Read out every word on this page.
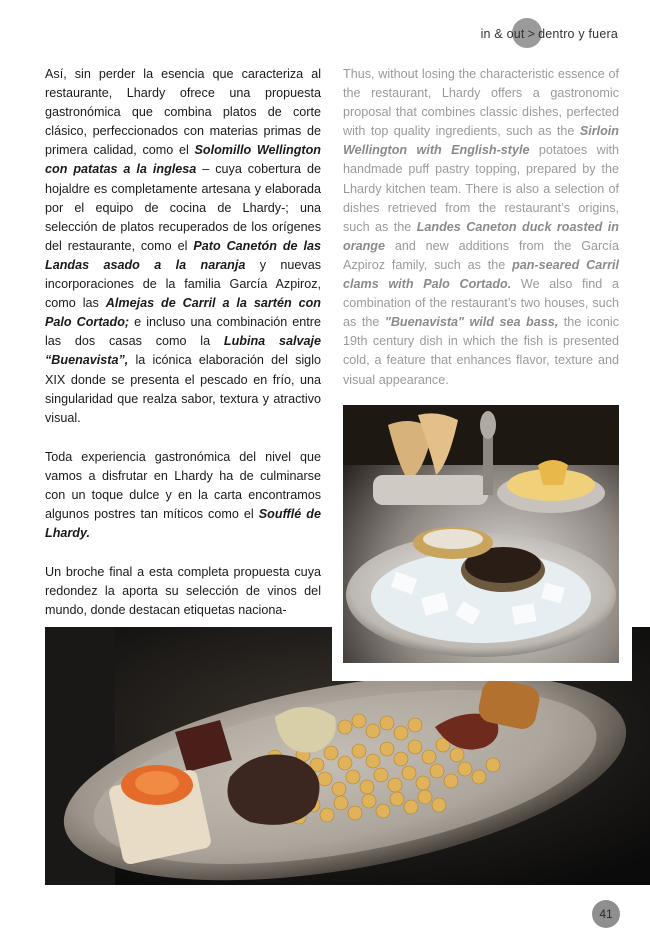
in & out > dentro y fuera

Así, sin perder la esencia que caracteriza al restaurante, Lhardy ofrece una propuesta gastronómica que combina platos de corte clásico, perfeccionados con materias primas de primera calidad, como el Solomillo Wellington con patatas a la inglesa – cuya cobertura de hojaldre es completamente artesana y elaborada por el equipo de cocina de Lhardy-; una selección de platos recuperados de los orígenes del restaurante, como el Pato Canetón de las Landas asado a la naranja y nuevas incorporaciones de la familia García Azpiroz, como las Almejas de Carril a la sartén con Palo Cortado; e incluso una combinación entre las dos casas como la Lubina salvaje “Buenavista”, la icónica elaboración del siglo XIX donde se presenta el pescado en frío, una singularidad que realza sabor, textura y atractivo visual.

Toda experiencia gastronómica del nivel que vamos a disfrutar en Lhardy ha de culminarse con un toque dulce y en la carta encontramos algunos postres tan míticos como el Soufflé de Lhardy.

Un broche final a esta completa propuesta cuya redondez la aporta su selección de vinos del mundo, donde destacan etiquetas naciona-

Thus, without losing the characteristic essence of the restaurant, Lhardy offers a gastronomic proposal that combines classic dishes, perfected with top quality ingredients, such as the Sirloin Wellington with English-style potatoes with handmade puff pastry topping, prepared by the Lhardy kitchen team. There is also a selection of dishes retrieved from the restaurant’s origins, such as the Landes Caneton duck roasted in orange and new additions from the García Azpiroz family, such as the pan-seared Carril clams with Palo Cortado. We also find a combination of the restaurant’s two houses, such as the "Buenavista" wild sea bass, the iconic 19th century dish in which the fish is presented cold, a feature that enhances flavor, texture and visual appearance.

41
